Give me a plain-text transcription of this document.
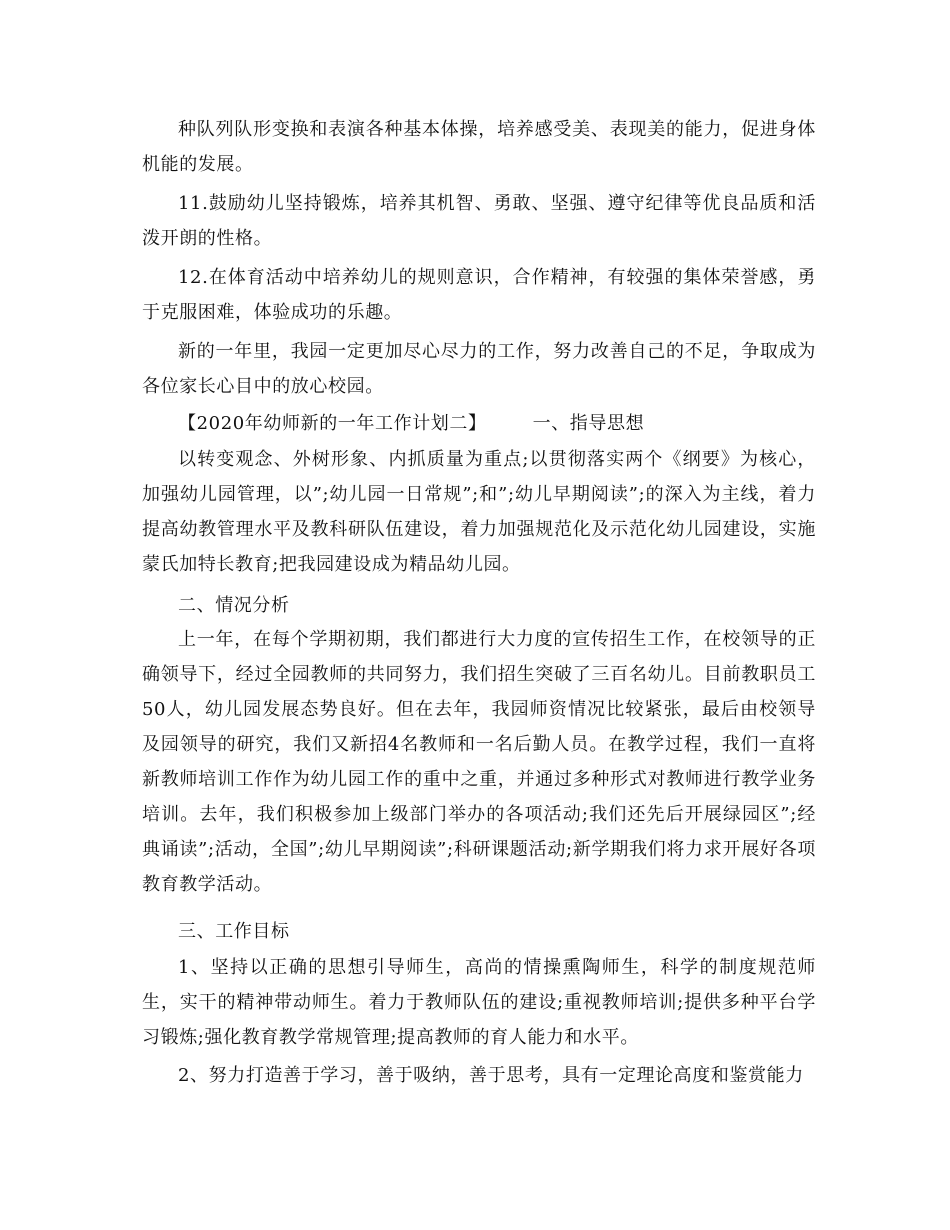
种队列队形变换和表演各种基本体操，培养感受美、表现美的能力，促进身体机能的发展。

11.鼓励幼儿坚持锻炼，培养其机智、勇敢、坚强、遵守纪律等优良品质和活泼开朗的性格。

12.在体育活动中培养幼儿的规则意识，合作精神，有较强的集体荣誉感，勇于克服困难，体验成功的乐趣。

新的一年里，我园一定更加尽心尽力的工作，努力改善自己的不足，争取成为各位家长心目中的放心校园。

【2020年幼师新的一年工作计划二】	一、指导思想

以转变观念、外树形象、内抓质量为重点;以贯彻落实两个《纲要》为核心，加强幼儿园管理，以”;幼儿园一日常规”;和”;幼儿早期阅读”;的深入为主线，着力提高幼教管理水平及教科研队伍建设，着力加强规范化及示范化幼儿园建设，实施蒙氏加特长教育;把我园建设成为精品幼儿园。

二、情况分析

上一年，在每个学期初期，我们都进行大力度的宣传招生工作，在校领导的正确领导下，经过全园教师的共同努力，我们招生突破了三百名幼儿。目前教职员工50人，幼儿园发展态势良好。但在去年，我园师资情况比较紧张，最后由校领导及园领导的研究，我们又新招4名教师和一名后勤人员。在教学过程，我们一直将新教师培训工作作为幼儿园工作的重中之重，并通过多种形式对教师进行教学业务培训。去年，我们积极参加上级部门举办的各项活动;我们还先后开展绿园区”;经典诵读”;活动，全国”;幼儿早期阅读”;科研课题活动;新学期我们将力求开展好各项教育教学活动。

三、工作目标

1、坚持以正确的思想引导师生，高尚的情操熏陶师生，科学的制度规范师生，实干的精神带动师生。着力于教师队伍的建设;重视教师培训;提供多种平台学习锻炼;强化教育教学常规管理;提高教师的育人能力和水平。

2、努力打造善于学习，善于吸纳，善于思考，具有一定理论高度和鉴赏能力
